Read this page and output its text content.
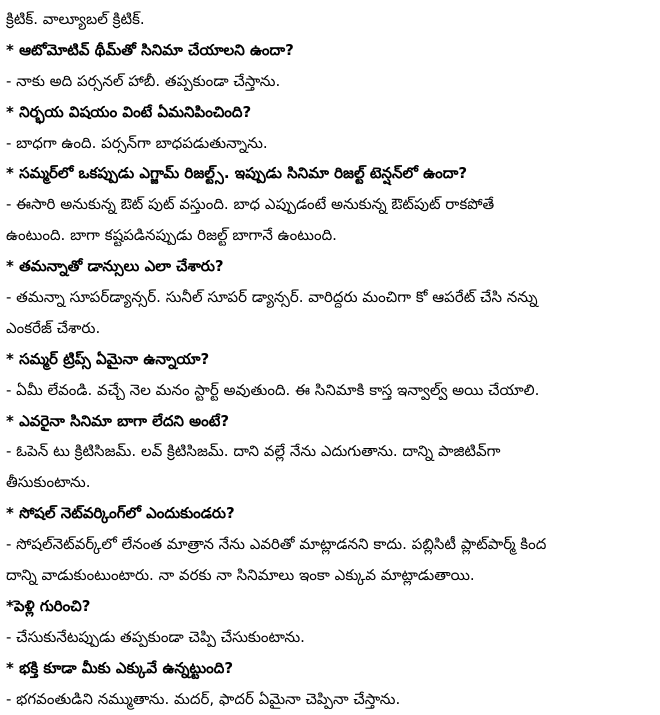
క్రిటిక్. వాల్యూబల్ క్రిటిక్.
* ఆటోమోటివ్ థీమ్‌తో సినిమా చేయాలని ఉందా?
- నాకు అది పర్సనల్ హాబీ. తప్పకుండా చేస్తాను.
* నిర్భయ విషయం వింటే ఏమనిపించింది?
- బాధగా ఉంది. పర్సన్‌గా బాధపడుతున్నాను.
* సమ్మర్‌లో ఒకప్పుడు ఎగ్జామ్ రిజల్ట్స్. ఇప్పుడు సినిమా రిజల్ట్ టెన్షన్‌లో ఉందా?
- ఈసారి అనుకున్న ఔట్ పుట్ వస్తుంది. బాధ ఎప్పుడంటే అనుకున్న ఔట్‌పుట్ రాకపోతే
ఉంటుంది. బాగా కష్టపడినప్పుడు రిజల్ట్ బాగానే ఉంటుంది.
* తమన్నాతో డాన్సులు ఎలా చేశారు?
- తమన్నా సూపర్‌డ్యాన్సర్. సునీల్ సూపర్ డ్యాన్సర్. వారిద్దరు మంచిగా కో ఆపరేట్ చేసి నన్ను
ఎంకరేజ్ చేశారు.
* సమ్మర్ ట్రిప్స్ ఏమైనా ఉన్నాయా?
- ఏమీ లేవండి. వచ్చే నెల మనం స్టార్ట్ అవుతుంది. ఈ సినిమాకి కాస్త ఇన్వాల్వ్ అయి చేయాలి.
* ఎవరైనా సినిమా బాగా లేదని అంటే?
- ఓపెన్ టు క్రిటిసిజమ్. లవ్ క్రిటిసిజమ్. దాని వల్లే నేను ఎదుగుతాను. దాన్ని పాజిటివ్‌గా
తీసుకుంటాను.
* సోషల్ నెట్‌వర్కింగ్‌లో ఎందుకుండరు?
- సోషల్‌నెట్‌వర్క్‌లో లేనంత మాత్రాన నేను ఎవరితో మాట్లాడనని కాదు. పబ్లిసిటీ ప్లాట్‌పార్మ్ కింద
దాన్ని వాడుకుంటుంటారు. నా వరకు నా సినిమాలు ఇంకా ఎక్కువ మాట్లాడుతాయి.
*పెళ్లి గురించి?
- చేసుకునేటప్పుడు తప్పకుండా చెప్పి చేసుకుంటాను.
* భక్తి కూడా మీకు ఎక్కువే ఉన్నట్టుంది?
- భగవంతుడిని నమ్ముతాను. మదర్, ఫాదర్ ఏమైనా చెప్పినా చేస్తాను.
